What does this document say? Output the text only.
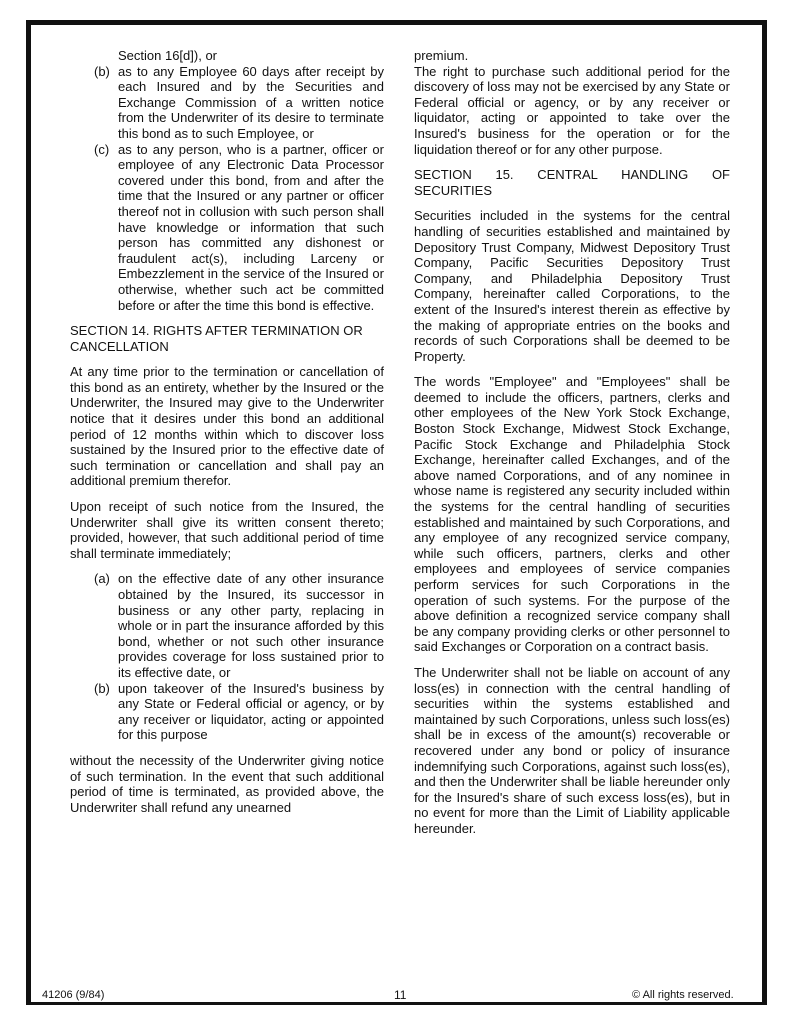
Section 16[d]), or
(b) as to any Employee 60 days after receipt by each Insured and by the Securities and Exchange Commission of a written notice from the Underwriter of its desire to terminate this bond as to such Employee, or
(c) as to any person, who is a partner, officer or employee of any Electronic Data Processor covered under this bond, from and after the time that the Insured or any partner or officer thereof not in collusion with such person shall have knowledge or information that such person has committed any dishonest or fraudulent act(s), including Larceny or Embezzlement in the service of the Insured or otherwise, whether such act be committed before or after the time this bond is effective.
SECTION 14. RIGHTS AFTER TERMINATION OR CANCELLATION

At any time prior to the termination or cancellation of this bond as an entirety, whether by the Insured or the Underwriter, the Insured may give to the Underwriter notice that it desires under this bond an additional period of 12 months within which to discover loss sustained by the Insured prior to the effective date of such termination or cancellation and shall pay an additional premium therefor.

Upon receipt of such notice from the Insured, the Underwriter shall give its written consent thereto; provided, however, that such additional period of time shall terminate immediately;

(a) on the effective date of any other insurance obtained by the Insured, its successor in business or any other party, replacing in whole or in part the insurance afforded by this bond, whether or not such other insurance provides coverage for loss sustained prior to its effective date, or
(b) upon takeover of the Insured's business by any State or Federal official or agency, or by any receiver or liquidator, acting or appointed for this purpose

without the necessity of the Underwriter giving notice of such termination. In the event that such additional period of time is terminated, as provided above, the Underwriter shall refund any unearned

premium.

The right to purchase such additional period for the discovery of loss may not be exercised by any State or Federal official or agency, or by any receiver or liquidator, acting or appointed to take over the Insured's business for the operation or for the liquidation thereof or for any other purpose.

SECTION 15. CENTRAL HANDLING OF
SECURITIES

Securities included in the systems for the central handling of securities established and maintained by Depository Trust Company, Midwest Depository Trust Company, Pacific Securities Depository Trust Company, and Philadelphia Depository Trust Company, hereinafter called Corporations, to the extent of the Insured's interest therein as effective by the making of appropriate entries on the books and records of such Corporations shall be deemed to be Property.

The words "Employee" and "Employees" shall be deemed to include the officers, partners, clerks and other employees of the New York Stock Exchange, Boston Stock Exchange, Midwest Stock Exchange, Pacific Stock Exchange and Philadelphia Stock Exchange, hereinafter called Exchanges, and of the above named Corporations, and of any nominee in whose name is registered any security included within the systems for the central handling of securities established and maintained by such Corporations, and any employee of any recognized service company, while such officers, partners, clerks and other employees and employees of service companies perform services for such Corporations in the operation of such systems. For the purpose of the above definition a recognized service company shall be any company providing clerks or other personnel to said Exchanges or Corporation on a contract basis.

The Underwriter shall not be liable on account of any loss(es) in connection with the central handling of securities within the systems established and maintained by such Corporations, unless such loss(es) shall be in excess of the amount(s) recoverable or recovered under any bond or policy of insurance indemnifying such Corporations, against such loss(es), and then the Underwriter shall be liable hereunder only for the Insured's share of such excess loss(es), but in no event for more than the Limit of Liability applicable hereunder.

41206 (9/84)	11	© All rights reserved.
